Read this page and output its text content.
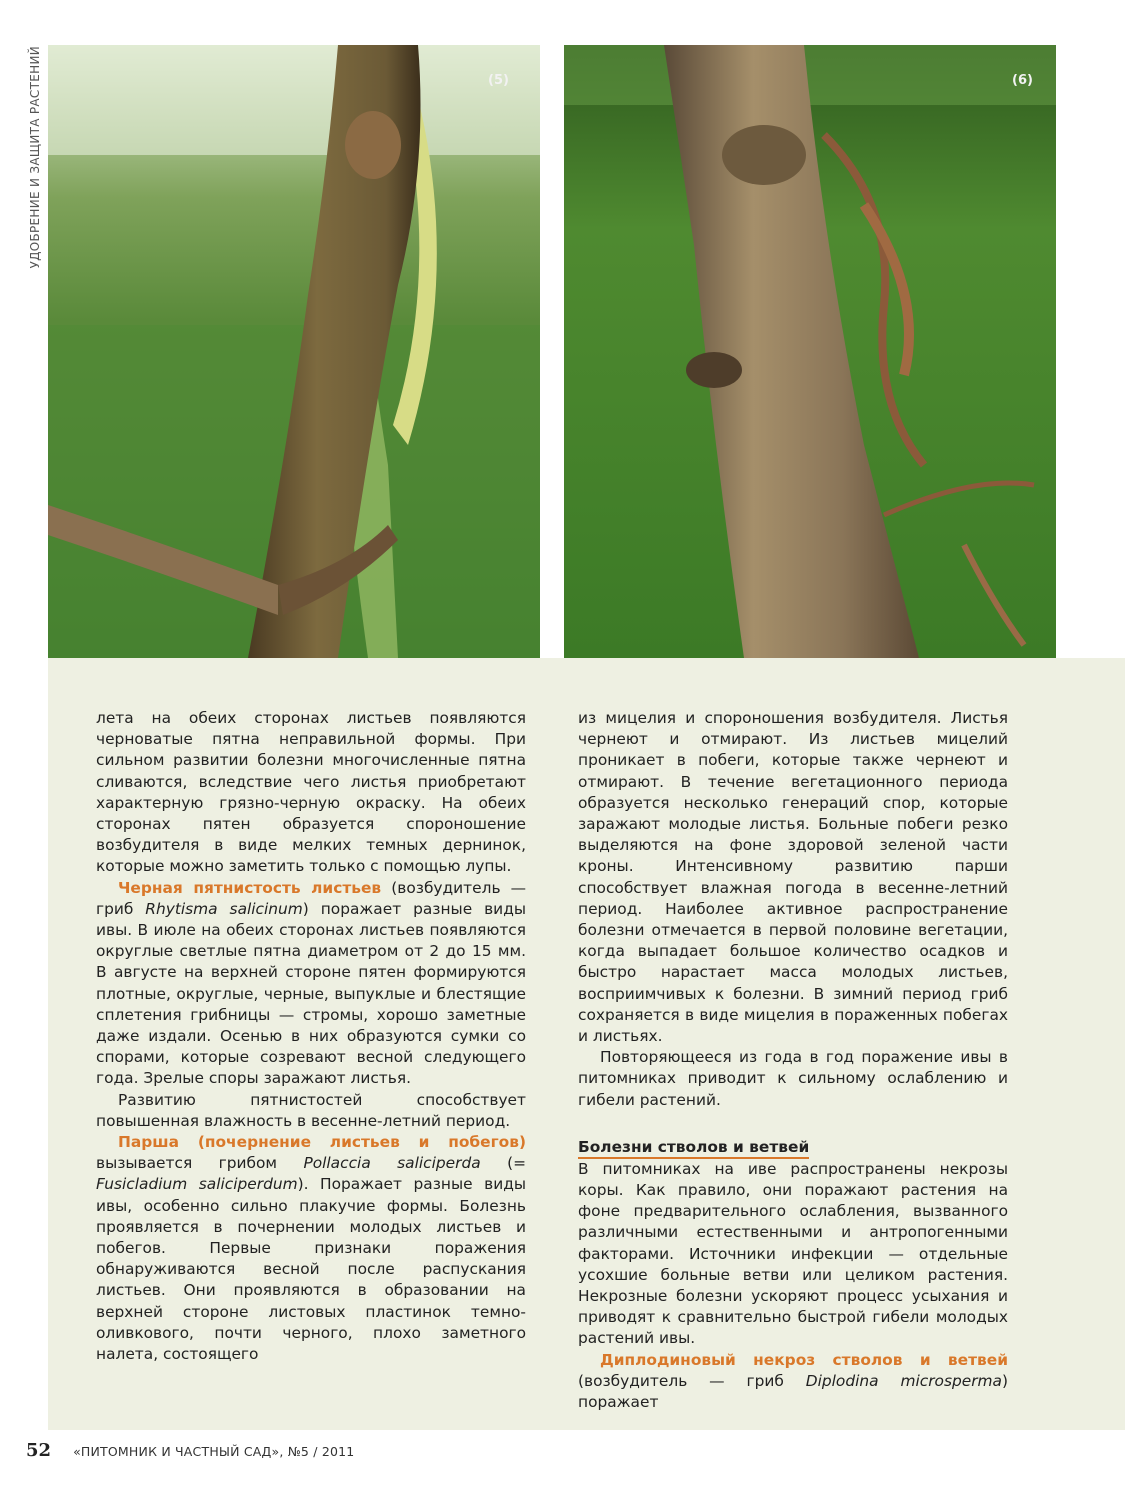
УДОБРЕНИЕ И ЗАЩИТА РАСТЕНИЙ	(5)	(6)

лета на обеих сторонах листьев появляются черноватые пятна неправильной формы. При сильном развитии болезни многочисленные пятна сливаются, вследствие чего листья приобретают характерную грязно-черную окраску. На обеих сторонах пятен образуется спороношение возбудителя в виде мелких темных дернинок, которые можно заметить только с помощью лупы.

Черная пятнистость листьев (возбудитель — гриб Rhytisma salicinum) поражает разные виды ивы. В июле на обеих сторонах листьев появляются округлые светлые пятна диаметром от 2 до 15 мм. В августе на верхней стороне пятен формируются плотные, округлые, черные, выпуклые и блестящие сплетения грибницы — стромы, хорошо заметные даже издали. Осенью в них образуются сумки со спорами, которые созревают весной следующего года. Зрелые споры заражают листья.

Развитию пятнистостей способствует повышенная влажность в весенне-летний период.

Парша (почернение листьев и побегов) вызывается грибом Pollaccia saliciperda (= Fusicladium saliciperdum). Поражает разные виды ивы, особенно сильно плакучие формы. Болезнь проявляется в почернении молодых листьев и побегов. Первые признаки поражения обнаруживаются весной после распускания листьев. Они проявляются в образовании на верхней стороне листовых пластинок темно-оливкового, почти черного, плохо заметного налета, состоящего

из мицелия и спороношения возбудителя. Листья чернеют и отмирают. Из листьев мицелий проникает в побеги, которые также чернеют и отмирают. В течение вегетационного периода образуется несколько генераций спор, которые заражают молодые листья. Больные побеги резко выделяются на фоне здоровой зеленой части кроны. Интенсивному развитию парши способствует влажная погода в весенне-летний период. Наиболее активное распространение болезни отмечается в первой половине вегетации, когда выпадает большое количество осадков и быстро нарастает масса молодых листьев, восприимчивых к болезни. В зимний период гриб сохраняется в виде мицелия в пораженных побегах и листьях.

Повторяющееся из года в год поражение ивы в питомниках приводит к сильному ослаблению и гибели растений.

Болезни стволов и ветвей

В питомниках на иве распространены некрозы коры. Как правило, они поражают растения на фоне предварительного ослабления, вызванного различными естественными и антропогенными факторами. Источники инфекции — отдельные усохшие больные ветви или целиком растения. Некрозные болезни ускоряют процесс усыхания и приводят к сравнительно быстрой гибели молодых растений ивы.

Диплодиновый некроз стволов и ветвей (возбудитель — гриб Diplodina microsperma) поражает

52 «ПИТОМНИК И ЧАСТНЫЙ САД», №5 / 2011
